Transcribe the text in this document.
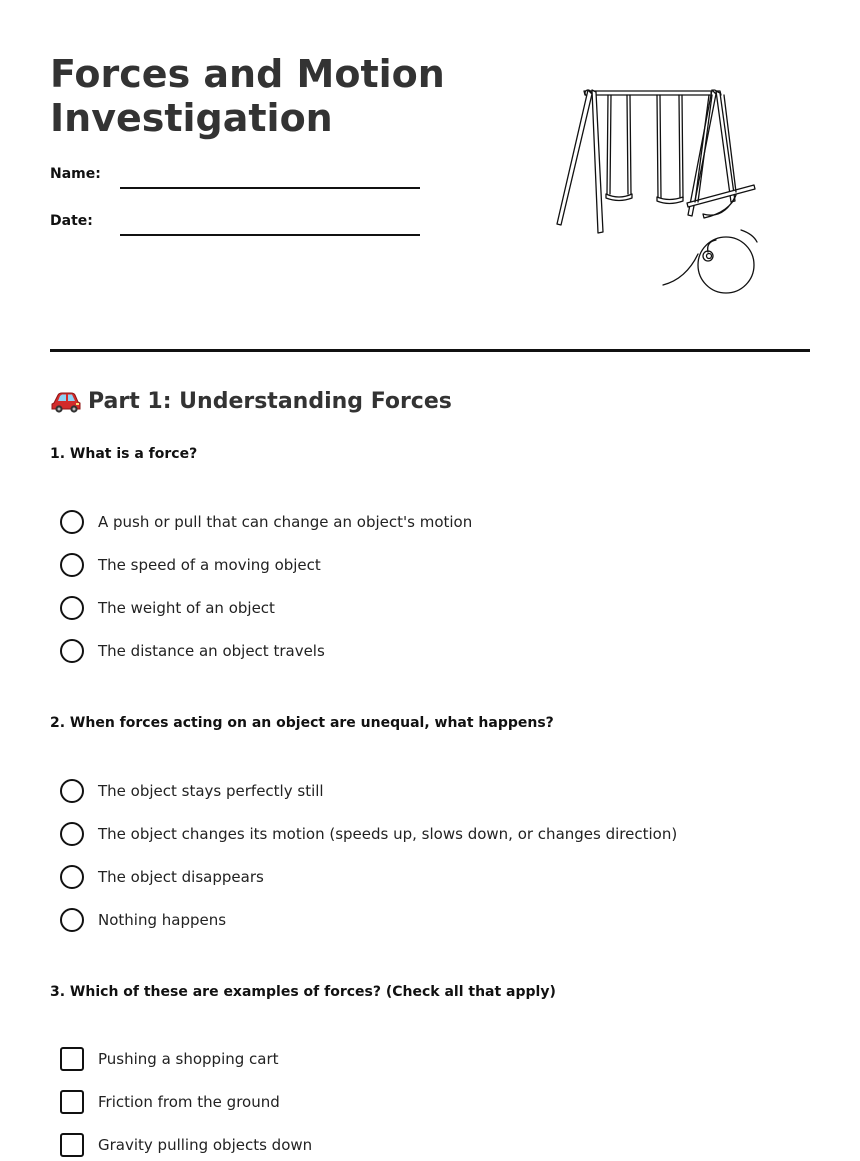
Forces and Motion
Investigation
Name:
Date:
Part 1: Understanding Forces

1. What is a force?

A push or pull that can change an object's motion
The speed of a moving object
The weight of an object
The distance an object travels

2. When forces acting on an object are unequal, what happens?

The object stays perfectly still
The object changes its motion (speeds up, slows down, or changes direction)
The object disappears
Nothing happens

3. Which of these are examples of forces? (Check all that apply)

Pushing a shopping cart
Friction from the ground
Gravity pulling objects down
